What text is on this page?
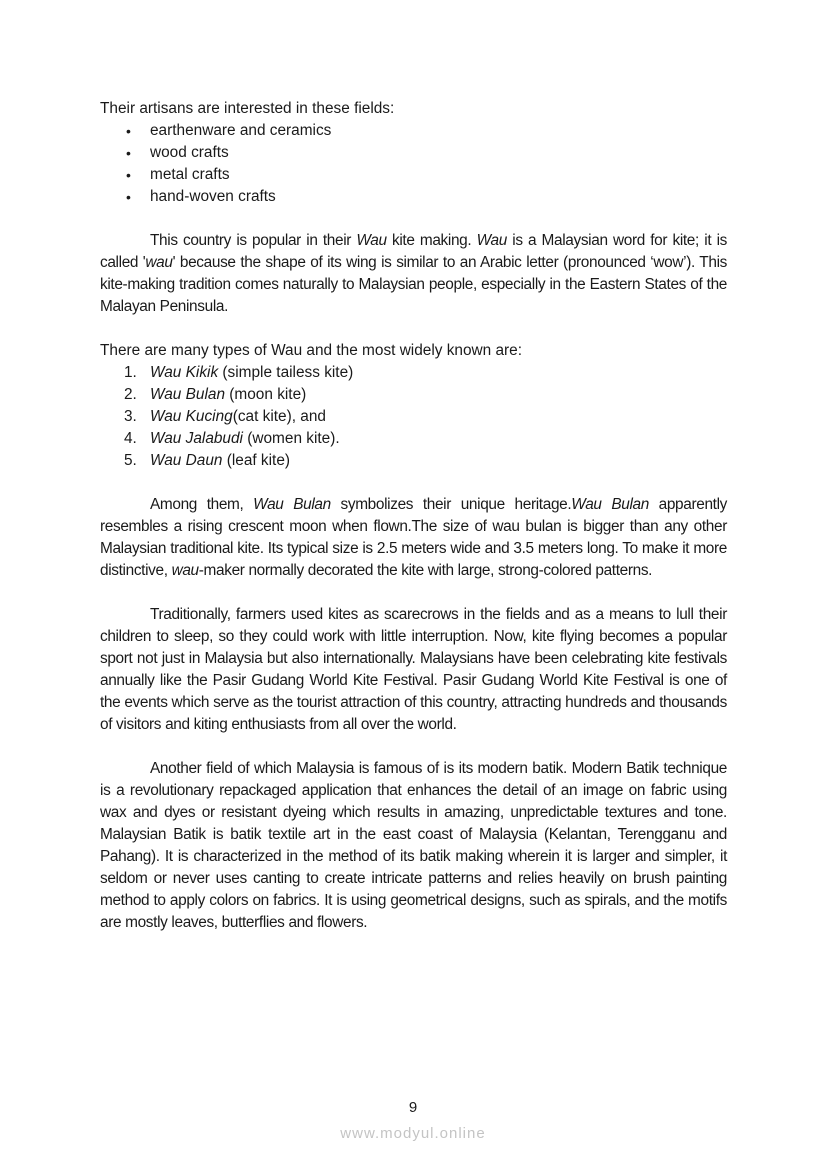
Their artisans are interested in these fields:

• earthenware and ceramics
• wood crafts
• metal crafts
• hand-woven crafts

This country is popular in their Wau kite making. Wau is a Malaysian word for kite; it is called 'wau' because the shape of its wing is similar to an Arabic letter (pronounced ‘wow’). This kite-making tradition comes naturally to Malaysian people, especially in the Eastern States of the Malayan Peninsula.

There are many types of Wau and the most widely known are:

1. Wau Kikik (simple tailess kite)
2. Wau Bulan (moon kite)
3. Wau Kucing(cat kite), and
4. Wau Jalabudi (women kite).
5. Wau Daun (leaf kite)

Among them, Wau Bulan symbolizes their unique heritage.Wau Bulan apparently resembles a rising crescent moon when flown.The size of wau bulan is bigger than any other Malaysian traditional kite. Its typical size is 2.5 meters wide and 3.5 meters long. To make it more distinctive, wau-maker normally decorated the kite with large, strong-colored patterns.

Traditionally, farmers used kites as scarecrows in the fields and as a means to lull their children to sleep, so they could work with little interruption. Now, kite flying becomes a popular sport not just in Malaysia but also internationally. Malaysians have been celebrating kite festivals annually like the Pasir Gudang World Kite Festival. Pasir Gudang World Kite Festival is one of the events which serve as the tourist attraction of this country, attracting hundreds and thousands of visitors and kiting enthusiasts from all over the world.

Another field of which Malaysia is famous of is its modern batik. Modern Batik technique is a revolutionary repackaged application that enhances the detail of an image on fabric using wax and dyes or resistant dyeing which results in amazing, unpredictable textures and tone. Malaysian Batik is batik textile art in the east coast of Malaysia (Kelantan, Terengganu and Pahang). It is characterized in the method of its batik making wherein it is larger and simpler, it seldom or never uses canting to create intricate patterns and relies heavily on brush painting method to apply colors on fabrics. It is using geometrical designs, such as spirals, and the motifs are mostly leaves, butterflies and flowers.

9
www.modyul.online
